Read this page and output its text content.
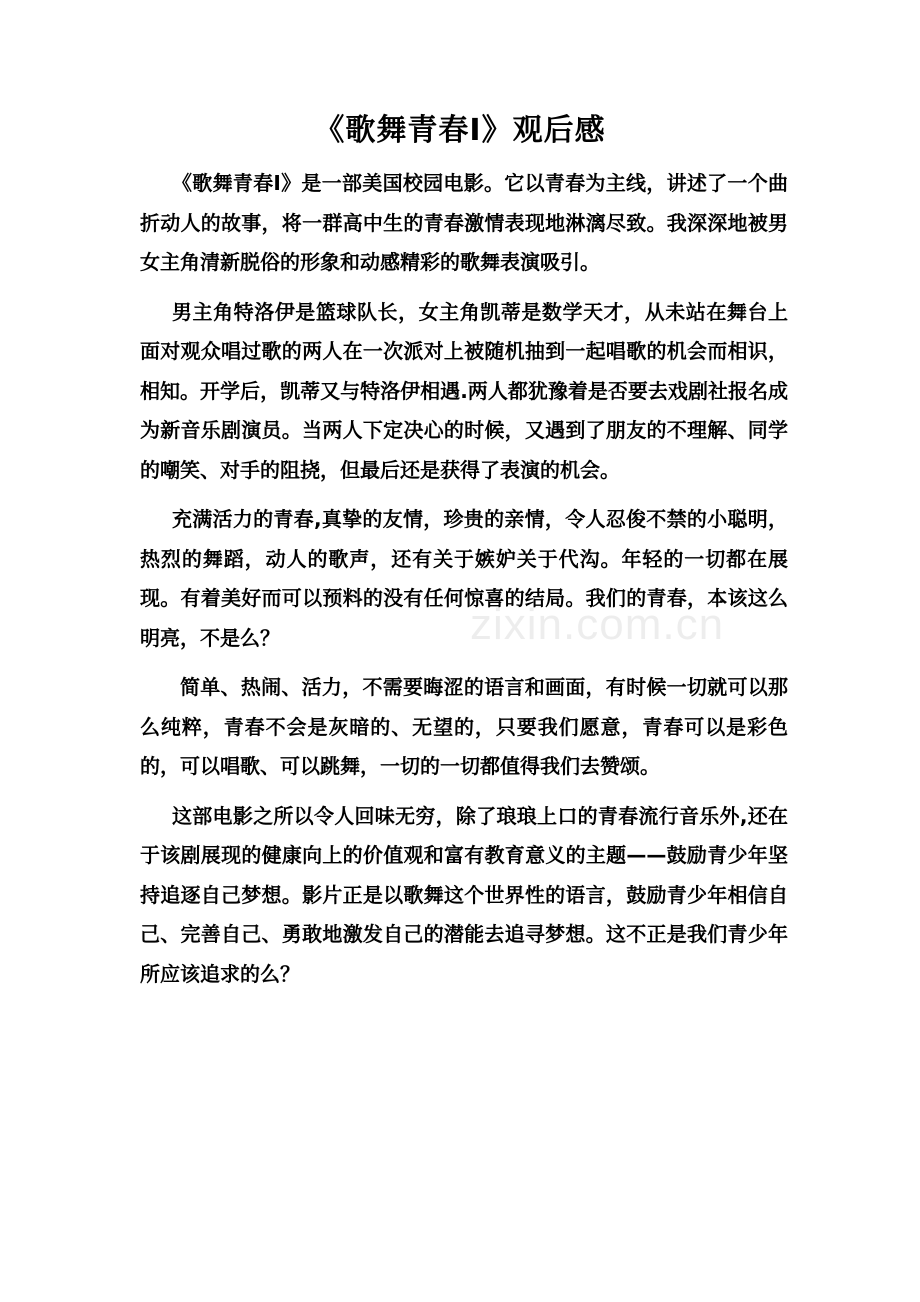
《歌舞青春Ⅰ》观后感

《歌舞青春Ⅰ》是一部美国校园电影。它以青春为主线，讲述了一个曲折动人的故事，将一群高中生的青春激情表现地淋漓尽致。我深深地被男女主角清新脱俗的形象和动感精彩的歌舞表演吸引。

男主角特洛伊是篮球队长，女主角凯蒂是数学天才，从未站在舞台上面对观众唱过歌的两人在一次派对上被随机抽到一起唱歌的机会而相识，相知。开学后，凯蒂又与特洛伊相遇.两人都犹豫着是否要去戏剧社报名成为新音乐剧演员。当两人下定决心的时候，又遇到了朋友的不理解、同学的嘲笑、对手的阻挠，但最后还是获得了表演的机会。

充满活力的青春,真挚的友情，珍贵的亲情，令人忍俊不禁的小聪明，热烈的舞蹈，动人的歌声，还有关于嫉妒关于代沟。年轻的一切都在展现。有着美好而可以预料的没有任何惊喜的结局。我们的青春，本该这么明亮，不是么？

简单、热闹、活力，不需要晦涩的语言和画面，有时候一切就可以那么纯粹，青春不会是灰暗的、无望的，只要我们愿意，青春可以是彩色的，可以唱歌、可以跳舞，一切的一切都值得我们去赞颂。

这部电影之所以令人回味无穷，除了琅琅上口的青春流行音乐外,还在于该剧展现的健康向上的价值观和富有教育意义的主题——鼓励青少年坚持追逐自己梦想。影片正是以歌舞这个世界性的语言，鼓励青少年相信自己、完善自己、勇敢地激发自己的潜能去追寻梦想。这不正是我们青少年所应该追求的么？

zixin.com.cn
